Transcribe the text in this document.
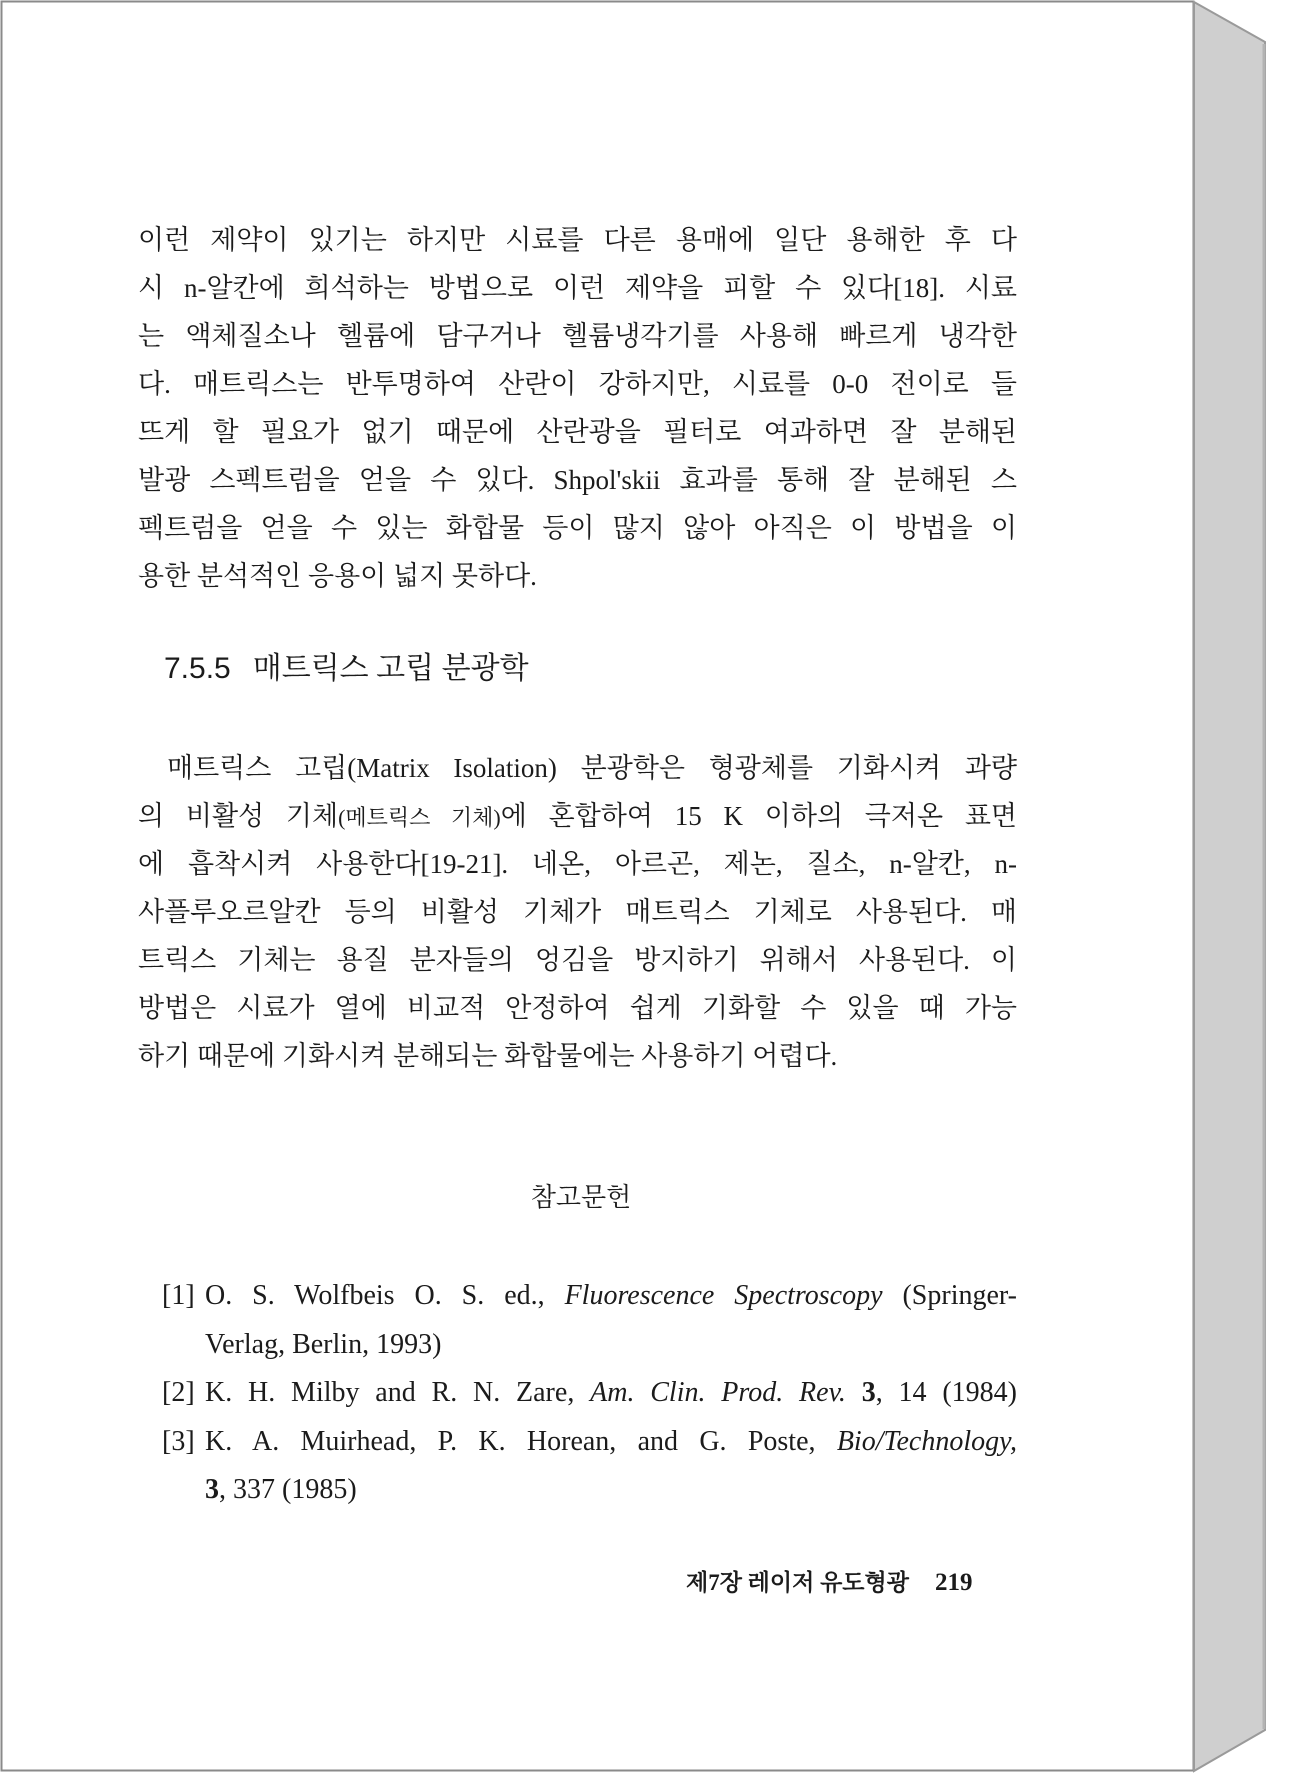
이런 제약이 있기는 하지만 시료를 다른 용매에 일단 용해한 후 다
시 n-알칸에 희석하는 방법으로 이런 제약을 피할 수 있다[18]. 시료
는 액체질소나 헬륨에 담구거나 헬륨냉각기를 사용해 빠르게 냉각한
다. 매트릭스는 반투명하여 산란이 강하지만, 시료를 0-0 전이로 들
뜨게 할 필요가 없기 때문에 산란광을 필터로 여과하면 잘 분해된
발광 스펙트럼을 얻을 수 있다. Shpol'skii 효과를 통해 잘 분해된 스
펙트럼을 얻을 수 있는 화합물 등이 많지 않아 아직은 이 방법을 이
용한 분석적인 응용이 넓지 못하다.
7.5.5 매트릭스 고립 분광학
매트릭스 고립(Matrix Isolation) 분광학은 형광체를 기화시켜 과량
의 비활성 기체(메트릭스 기체)에 혼합하여 15 K 이하의 극저온 표면
에 흡착시켜 사용한다[19-21]. 네온, 아르곤, 제논, 질소, n-알칸, n-
사플루오르알칸 등의 비활성 기체가 매트릭스 기체로 사용된다. 매
트릭스 기체는 용질 분자들의 엉김을 방지하기 위해서 사용된다. 이
방법은 시료가 열에 비교적 안정하여 쉽게 기화할 수 있을 때 가능
하기 때문에 기화시켜 분해되는 화합물에는 사용하기 어렵다.
참고문헌
[1] O. S. Wolfbeis O. S. ed., Fluorescence Spectroscopy (Springer-
Verlag, Berlin, 1993)
[2] K. H. Milby and R. N. Zare, Am. Clin. Prod. Rev. 3, 14 (1984)
[3] K. A. Muirhead, P. K. Horean, and G. Poste, Bio/Technology,
3, 337 (1985)
제7장 레이저 유도형광 219
